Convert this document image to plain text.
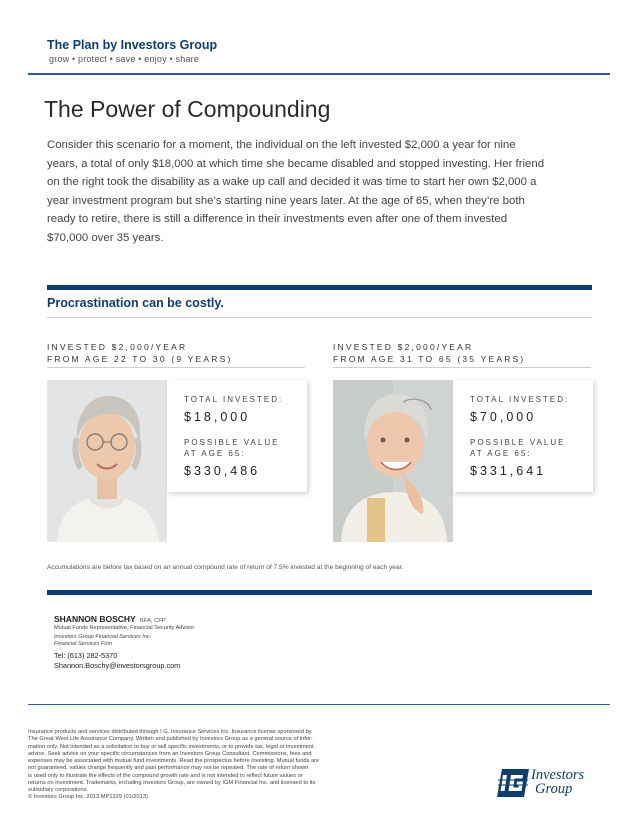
The Plan by Investors Group
grow • protect • save • enjoy • share
The Power of Compounding
Consider this scenario for a moment, the individual on the left invested $2,000 a year for nine
years, a total of only $18,000 at which time she became disabled and stopped investing. Her friend
on the right took the disability as a wake up call and decided it was time to start her own $2,000 a
year investment program but she’s starting nine years later. At the age of 65, when they’re both
ready to retire, there is still a difference in their investments even after one of them invested
$70,000 over 35 years.
Procrastination can be costly.
INVESTED $2,000/YEAR
FROM AGE 22 TO 30 (9 YEARS)
INVESTED $2,000/YEAR
FROM AGE 31 TO 65 (35 YEARS)
TOTAL INVESTED:
$18,000
POSSIBLE VALUE
AT AGE 65:
$330,486
TOTAL INVESTED:
$70,000
POSSIBLE VALUE
AT AGE 65:
$331,641
Accumulations are before tax based on an annual compound rate of return of 7.5% invested at the beginning of each year.
SHANNON BOSCHY BFA, CFP
Mutual Funds Representative, Financial Security Advisor
Investors Group Financial Services Inc.
Financial Services Firm
Tel: (613) 282-5370
Shannon.Boschy@investorsgroup.com
Insurance products and services distributed through I.G. Insurance Services Inc. Insurance license sponsored by
The Great-West Life Assurance Company. Written and published by Investors Group as a general source of infor-
mation only. Not intended as a solicitation to buy or sell specific investments, or to provide tax, legal or investment
advice. Seek advice on your specific circumstances from an Investors Group Consultant. Commissions, fees and
expenses may be associated with mutual fund investments. Read the prospectus before investing. Mutual funds are
not guaranteed, values change frequently and past performance may not be repeated. The rate of return shown
is used only to illustrate the effects of the compound growth rate and is not intended to reflect future values or
returns on investment. Trademarks, including Investors Group, are owned by IGM Financial Inc. and licensed to its
subsidiary corporations.
© Investors Group Inc. 2013 MP1329 (01/2013)
Investors
Group
